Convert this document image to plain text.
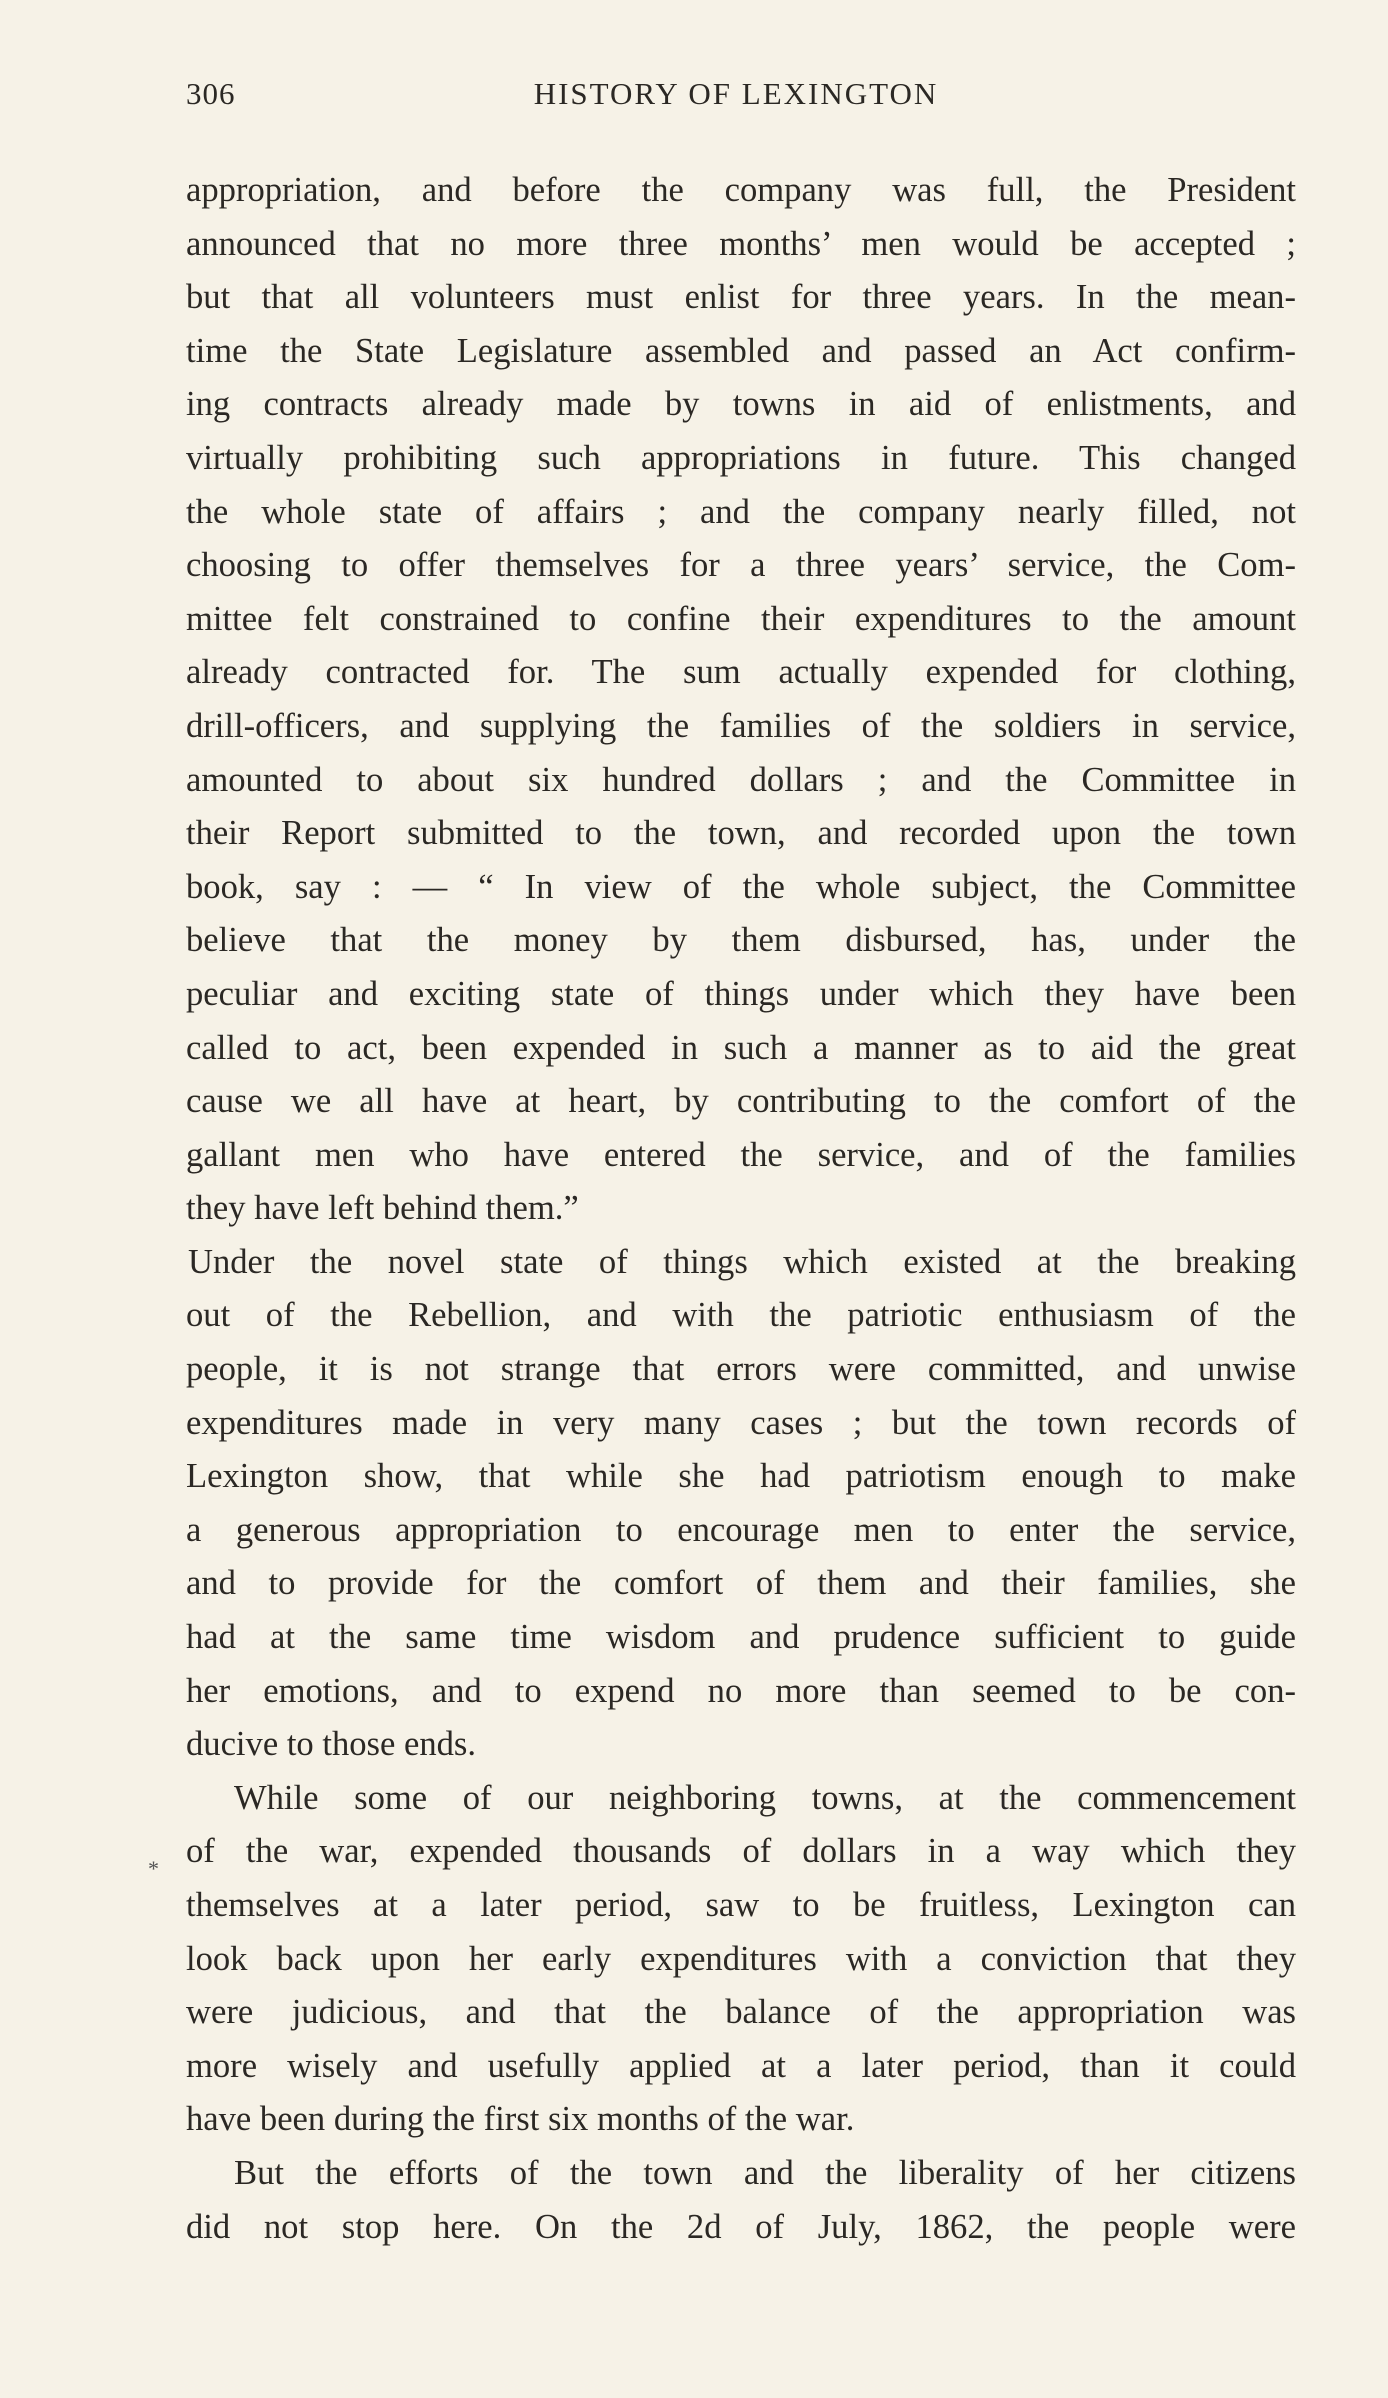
306	HISTORY OF LEXINGTON
*
appropriation, and before the company was full, the President
announced that no more three months’ men would be accepted ;
but that all volunteers must enlist for three years. In the mean-
time the State Legislature assembled and passed an Act confirm-
ing contracts already made by towns in aid of enlistments, and
virtually prohibiting such appropriations in future. This changed
the whole state of affairs ; and the company nearly filled, not
choosing to offer themselves for a three years’ service, the Com-
mittee felt constrained to confine their expenditures to the amount
already contracted for. The sum actually expended for clothing,
drill-officers, and supplying the families of the soldiers in service,
amounted to about six hundred dollars ; and the Committee in
their Report submitted to the town, and recorded upon the town
book, say : — “ In view of the whole subject, the Committee
believe that the money by them disbursed, has, under the
peculiar and exciting state of things under which they have been
called to act, been expended in such a manner as to aid the great
cause we all have at heart, by contributing to the comfort of the
gallant men who have entered the service, and of the families
they have left behind them.”
Under the novel state of things which existed at the breaking
out of the Rebellion, and with the patriotic enthusiasm of the
people, it is not strange that errors were committed, and unwise
expenditures made in very many cases ; but the town records of
Lexington show, that while she had patriotism enough to make
a generous appropriation to encourage men to enter the service,
and to provide for the comfort of them and their families, she
had at the same time wisdom and prudence sufficient to guide
her emotions, and to expend no more than seemed to be con-
ducive to those ends.
While some of our neighboring towns, at the commencement
of the war, expended thousands of dollars in a way which they
themselves at a later period, saw to be fruitless, Lexington can
look back upon her early expenditures with a conviction that they
were judicious, and that the balance of the appropriation was
more wisely and usefully applied at a later period, than it could
have been during the first six months of the war.
But the efforts of the town and the liberality of her citizens
did not stop here. On the 2d of July, 1862, the people were
